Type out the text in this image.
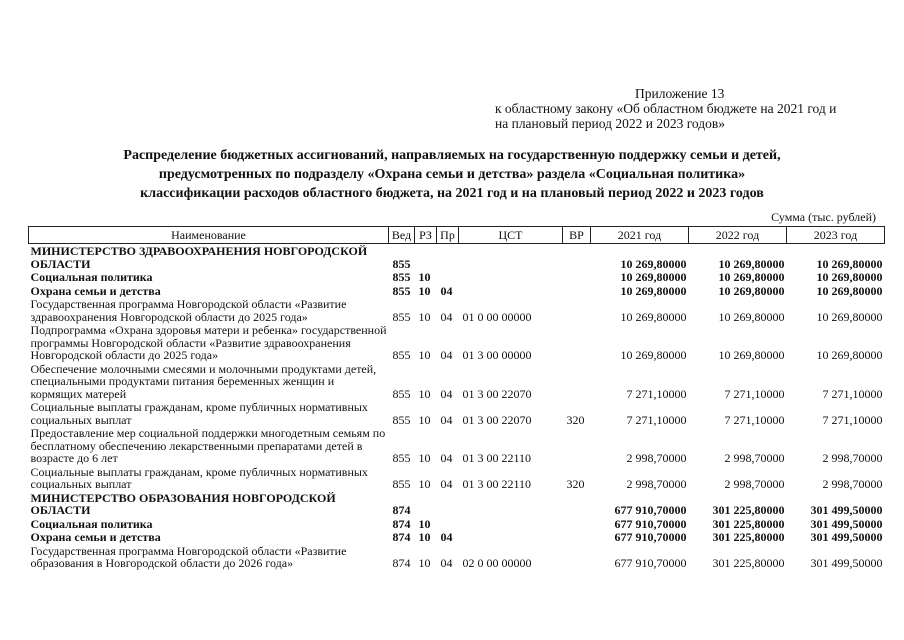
Приложение 13
к областному закону «Об областном бюджете на 2021 год и
на плановый период 2022 и 2023 годов»
Распределение бюджетных ассигнований, направляемых на государственную поддержку семьи и детей,
предусмотренных по подразделу «Охрана семьи и детства» раздела «Социальная политика»
классификации расходов областного бюджета, на 2021 год и на плановый период 2022 и 2023 годов
Сумма (тыс. рублей)
Наименование	Вед	РЗ	Пр	ЦСТ	ВР	2021 год	2022 год	2023 год
МИНИСТЕРСТВО ЗДРАВООХРАНЕНИЯ НОВГОРОДСКОЙ ОБЛАСТИ	855					10 269,80000	10 269,80000	10 269,80000
Социальная политика	855	10				10 269,80000	10 269,80000	10 269,80000
Охрана семьи и детства	855	10	04			10 269,80000	10 269,80000	10 269,80000
Государственная программа Новгородской области «Развитие здравоохранения Новгородской области до 2025 года»	855	10	04	01 0 00 00000		10 269,80000	10 269,80000	10 269,80000
Подпрограмма «Охрана здоровья матери и ребенка» государственной программы Новгородской области «Развитие здравоохранения Новгородской области до 2025 года»	855	10	04	01 3 00 00000		10 269,80000	10 269,80000	10 269,80000
Обеспечение молочными смесями и молочными продуктами детей, специальными продуктами питания беременных женщин и кормящих матерей	855	10	04	01 3 00 22070		7 271,10000	7 271,10000	7 271,10000
Социальные выплаты гражданам, кроме публичных нормативных социальных выплат	855	10	04	01 3 00 22070	320	7 271,10000	7 271,10000	7 271,10000
Предоставление мер социальной поддержки многодетным семьям по бесплатному обеспечению лекарственными препаратами детей в возрасте до 6 лет	855	10	04	01 3 00 22110		2 998,70000	2 998,70000	2 998,70000
Социальные выплаты гражданам, кроме публичных нормативных социальных выплат	855	10	04	01 3 00 22110	320	2 998,70000	2 998,70000	2 998,70000
МИНИСТЕРСТВО ОБРАЗОВАНИЯ НОВГОРОДСКОЙ ОБЛАСТИ	874					677 910,70000	301 225,80000	301 499,50000
Социальная политика	874	10				677 910,70000	301 225,80000	301 499,50000
Охрана семьи и детства	874	10	04			677 910,70000	301 225,80000	301 499,50000
Государственная программа Новгородской области «Развитие образования в Новгородской области до 2026 года»	874	10	04	02 0 00 00000		677 910,70000	301 225,80000	301 499,50000
